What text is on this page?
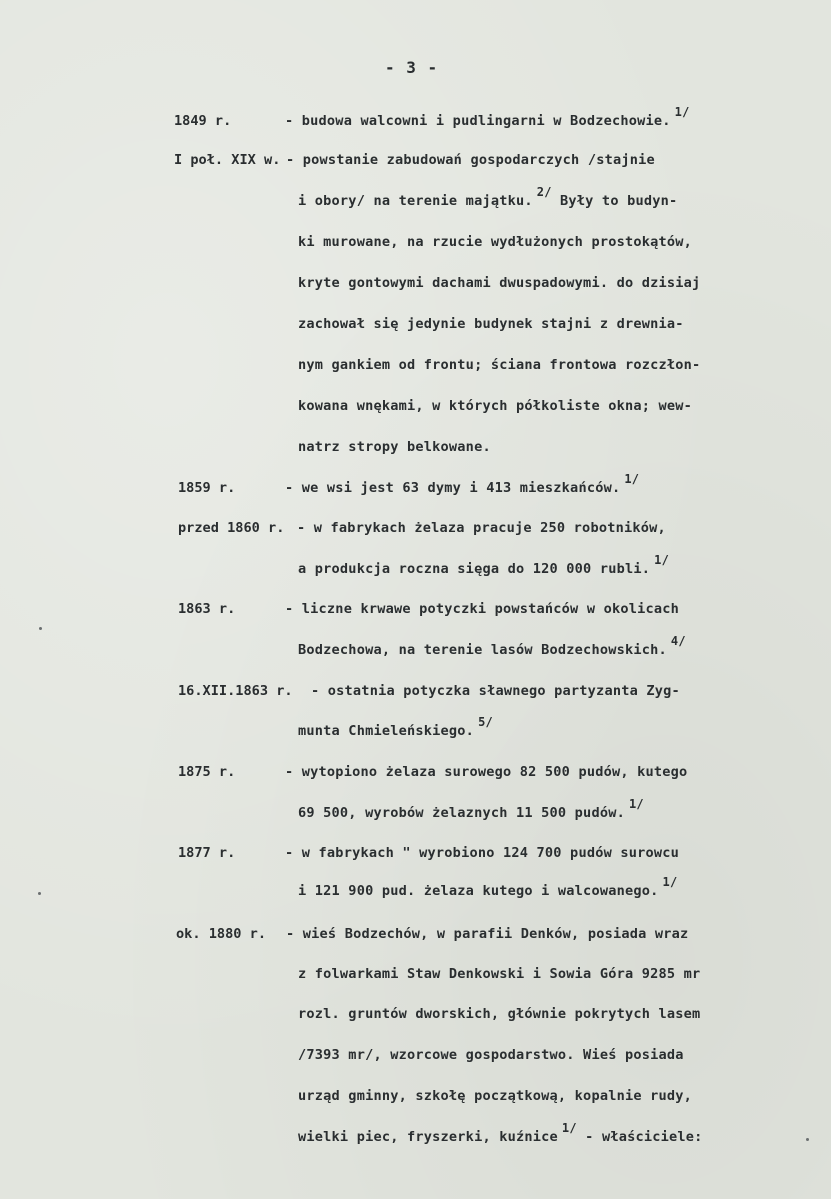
- 3 -
1849 r.	- budowa walcowni i pudlingarni w Bodzechowie.1/
I poł. XIX w. - powstanie zabudowań gospodarczych /stajnie
i obory/ na terenie majątku.2/ Były to budyn-
ki murowane, na rzucie wydłużonych prostokątów,
kryte gontowymi dachami dwuspadowymi. do dzisiaj
zachował się jedynie budynek stajni z drewnia-
nym gankiem od frontu; ściana frontowa rozczłon-
kowana wnękami, w których półkoliste okna; wew-
natrz stropy belkowane.
1859 r.	- we wsi jest 63 dymy i 413 mieszkańców.1/
przed 1860 r. - w fabrykach żelaza pracuje 250 robotników,
a produkcja roczna sięga do 120 000 rubli.1/
1863 r.	- liczne krwawe potyczki powstańców w okolicach
Bodzechowa, na terenie lasów Bodzechowskich.4/
16.XII.1863 r. - ostatnia potyczka sławnego partyzanta Zyg-
munta Chmieleńskiego.5/
1875 r.	- wytopiono żelaza surowego 82 500 pudów, kutego
69 500, wyrobów żelaznych 11 500 pudów.1/
1877 r.	- w fabrykach " wyrobiono 124 700 pudów surowcu
i 121 900 pud. żelaza kutego i walcowanego.1/
ok. 1880 r. - wieś Bodzechów, w parafii Denków, posiada wraz
z folwarkami Staw Denkowski i Sowia Góra 9285 mr
rozl. gruntów dworskich, głównie pokrytych lasem
/7393 mr/, wzorcowe gospodarstwo. Wieś posiada
urząd gminny, szkołę początkową, kopalnie rudy,
wielki piec, fryszerki, kuźnice1/ - właściciele:
